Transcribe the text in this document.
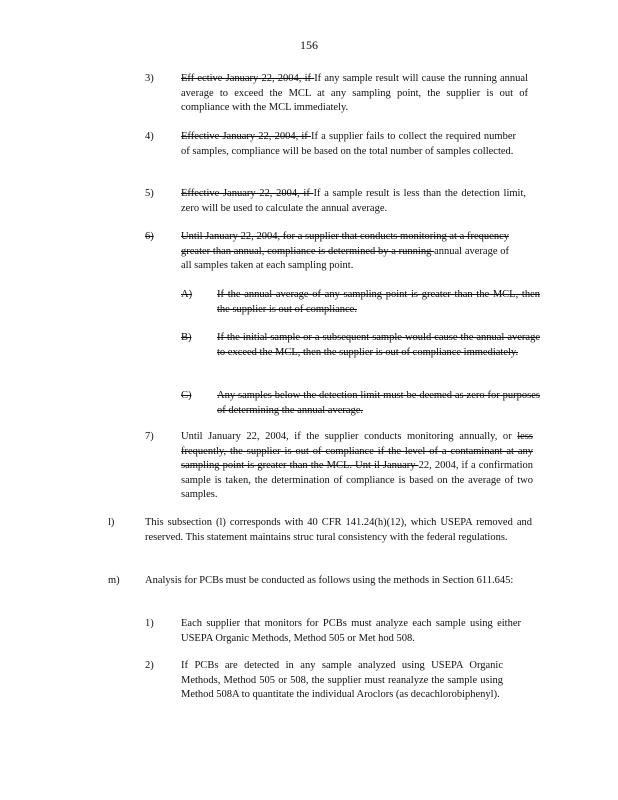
156
3)	Eff ective January 22, 2004, if If any sample result will cause the running annual average to exceed the MCL at any sampling point, the supplier is out of compliance with the MCL immediately.
4)	Effective January 22, 2004, if If a supplier fails to collect the required number of samples, compliance will be based on the total number of samples collected.
5)	Effective January 22, 2004, if If a sample result is less than the detection limit, zero will be used to calculate the annual average.
6)	Until January 22, 2004, for a supplier that conducts monitoring at a frequency greater than annual, compliance is determined by a running annual average of all samples taken at each sampling point.
A) If the annual average of any sampling point is greater than the MCL, then the supplier is out of compliance.
B) If the initial sample or a subsequent sample would cause the annual average to exceed the MCL, then the supplier is out of compliance immediately.
C) Any samples below the detection limit must be deemed as zero for purposes of determining the annual average.
7)	Until January 22, 2004, if the supplier conducts monitoring annually, or less frequently, the supplier is out of compliance if the level of a contaminant at any sampling point is greater than the MCL. Unt il January 22, 2004, if a confirmation sample is taken, the determination of compliance is based on the average of two samples.
l)	This subsection (l) corresponds with 40 CFR 141.24(h)(12), which USEPA removed and reserved. This statement maintains struc tural consistency with the federal regulations.
m) Analysis for PCBs must be conducted as follows using the methods in Section 611.645:
1)	Each supplier that monitors for PCBs must analyze each sample using either USEPA Organic Methods, Method 505 or Met hod 508.
2)	If PCBs are detected in any sample analyzed using USEPA Organic Methods, Method 505 or 508, the supplier must reanalyze the sample using Method 508A to quantitate the individual Aroclors (as decachlorobiphenyl).
